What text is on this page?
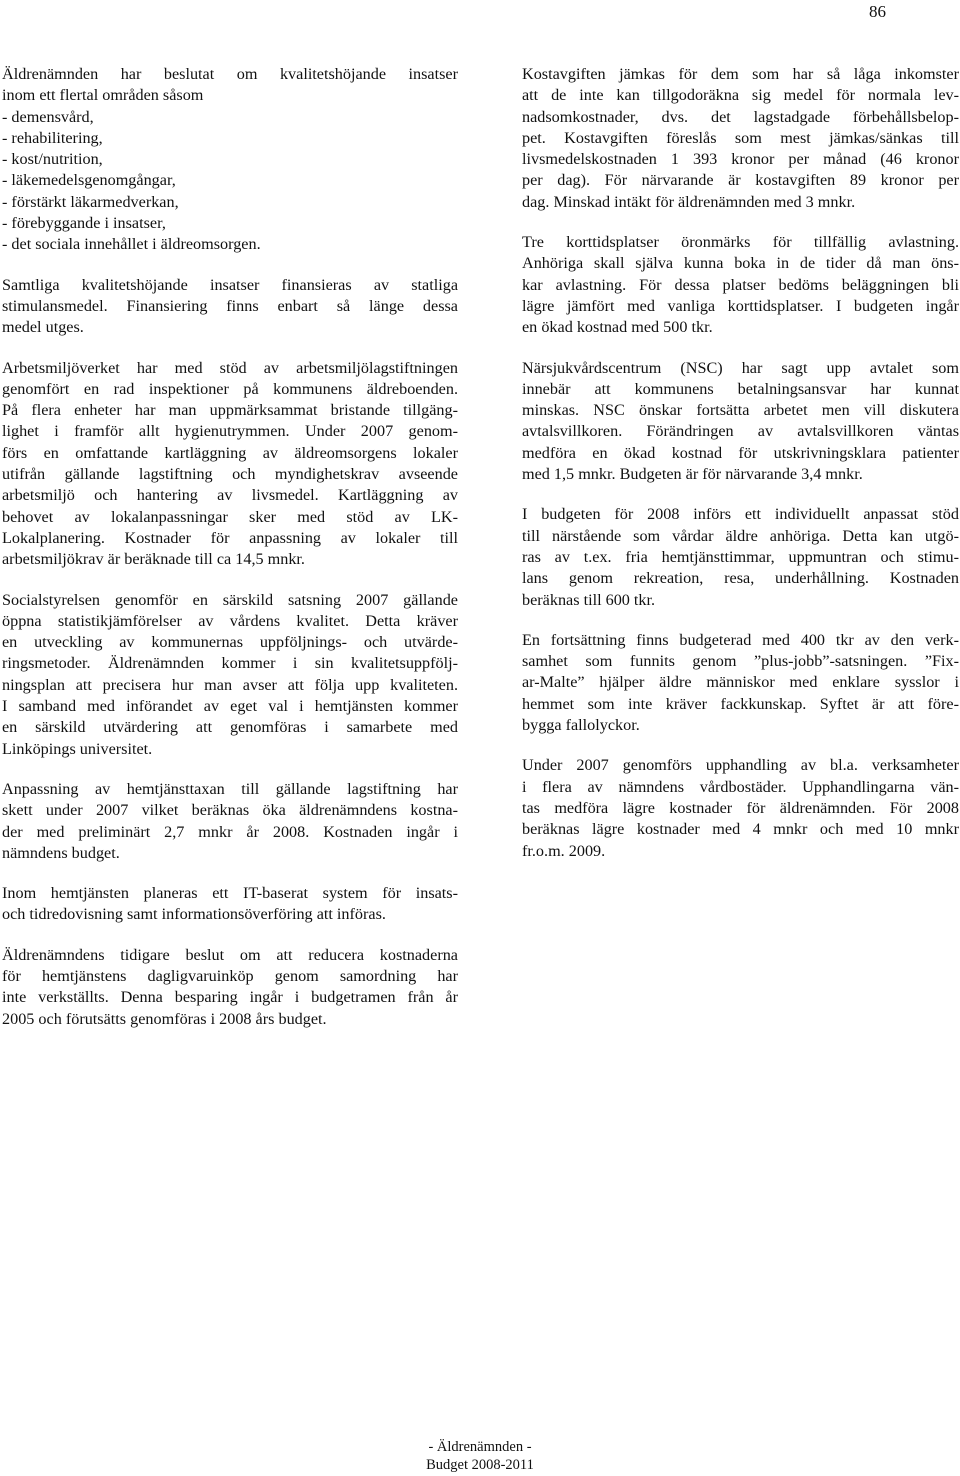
86
Äldrenämnden har beslutat om kvalitetshöjande insatser
inom ett flertal områden såsom
- demensvård,
- rehabilitering,
- kost/nutrition,
- läkemedelsgenomgångar,
- förstärkt läkarmedverkan,
- förebyggande i insatser,
- det sociala innehållet i äldreomsorgen.
Samtliga kvalitetshöjande insatser finansieras av statliga
stimulansmedel. Finansiering finns enbart så länge dessa
medel utges.
Arbetsmiljöverket har med stöd av arbetsmiljölagstiftningen
genomfört en rad inspektioner på kommunens äldreboenden.
På flera enheter har man uppmärksammat bristande tillgäng-
lighet i framför allt hygienutrymmen. Under 2007 genom-
förs en omfattande kartläggning av äldreomsorgens lokaler
utifrån gällande lagstiftning och myndighetskrav avseende
arbetsmiljö och hantering av livsmedel. Kartläggning av
behovet av lokalanpassningar sker med stöd av LK-
Lokalplanering. Kostnader för anpassning av lokaler till
arbetsmiljökrav är beräknade till ca 14,5 mnkr.
Socialstyrelsen genomför en särskild satsning 2007 gällande
öppna statistikjämförelser av vårdens kvalitet. Detta kräver
en utveckling av kommunernas uppföljnings- och utvärde-
ringsmetoder. Äldrenämnden kommer i sin kvalitetsuppfölj-
ningsplan att precisera hur man avser att följa upp kvaliteten.
I samband med införandet av eget val i hemtjänsten kommer
en särskild utvärdering att genomföras i samarbete med
Linköpings universitet.
Anpassning av hemtjänsttaxan till gällande lagstiftning har
skett under 2007 vilket beräknas öka äldrenämndens kostna-
der med preliminärt 2,7 mnkr år 2008. Kostnaden ingår i
nämndens budget.
Inom hemtjänsten planeras ett IT-baserat system för insats-
och tidredovisning samt informationsöverföring att införas.
Äldrenämndens tidigare beslut om att reducera kostnaderna
för hemtjänstens dagligvaruinköp genom samordning har
inte verkställts. Denna besparing ingår i budgetramen från år
2005 och förutsätts genomföras i 2008 års budget.
Kostavgiften jämkas för dem som har så låga inkomster
att de inte kan tillgodoräkna sig medel för normala lev-
nadsomkostnader, dvs. det lagstadgade förbehållsbelop-
pet. Kostavgiften föreslås som mest jämkas/sänkas till
livsmedelskostnaden 1 393 kronor per månad (46 kronor
per dag). För närvarande är kostavgiften 89 kronor per
dag. Minskad intäkt för äldrenämnden med 3 mnkr.
Tre korttidsplatser öronmärks för tillfällig avlastning.
Anhöriga skall själva kunna boka in de tider då man öns-
kar avlastning. För dessa platser bedöms beläggningen bli
lägre jämfört med vanliga korttidsplatser. I budgeten ingår
en ökad kostnad med 500 tkr.
Närsjukvårdscentrum (NSC) har sagt upp avtalet som
innebär att kommunens betalningsansvar har kunnat
minskas. NSC önskar fortsätta arbetet men vill diskutera
avtalsvillkoren. Förändringen av avtalsvillkoren väntas
medföra en ökad kostnad för utskrivningsklara patienter
med 1,5 mnkr. Budgeten är för närvarande 3,4 mnkr.
I budgeten för 2008 införs ett individuellt anpassat stöd
till närstående som vårdar äldre anhöriga. Detta kan utgö-
ras av t.ex. fria hemtjänsttimmar, uppmuntran och stimu-
lans genom rekreation, resa, underhållning. Kostnaden
beräknas till 600 tkr.
En fortsättning finns budgeterad med 400 tkr av den verk-
samhet som funnits genom ”plus-jobb”-satsningen. ”Fix-
ar-Malte” hjälper äldre människor med enklare sysslor i
hemmet som inte kräver fackkunskap. Syftet är att före-
bygga fallolyckor.
Under 2007 genomförs upphandling av bl.a. verksamheter
i flera av nämndens vårdbostäder. Upphandlingarna vän-
tas medföra lägre kostnader för äldrenämnden. För 2008
beräknas lägre kostnader med 4 mnkr och med 10 mnkr
fr.o.m. 2009.
- Äldrenämnden -
Budget 2008-2011
